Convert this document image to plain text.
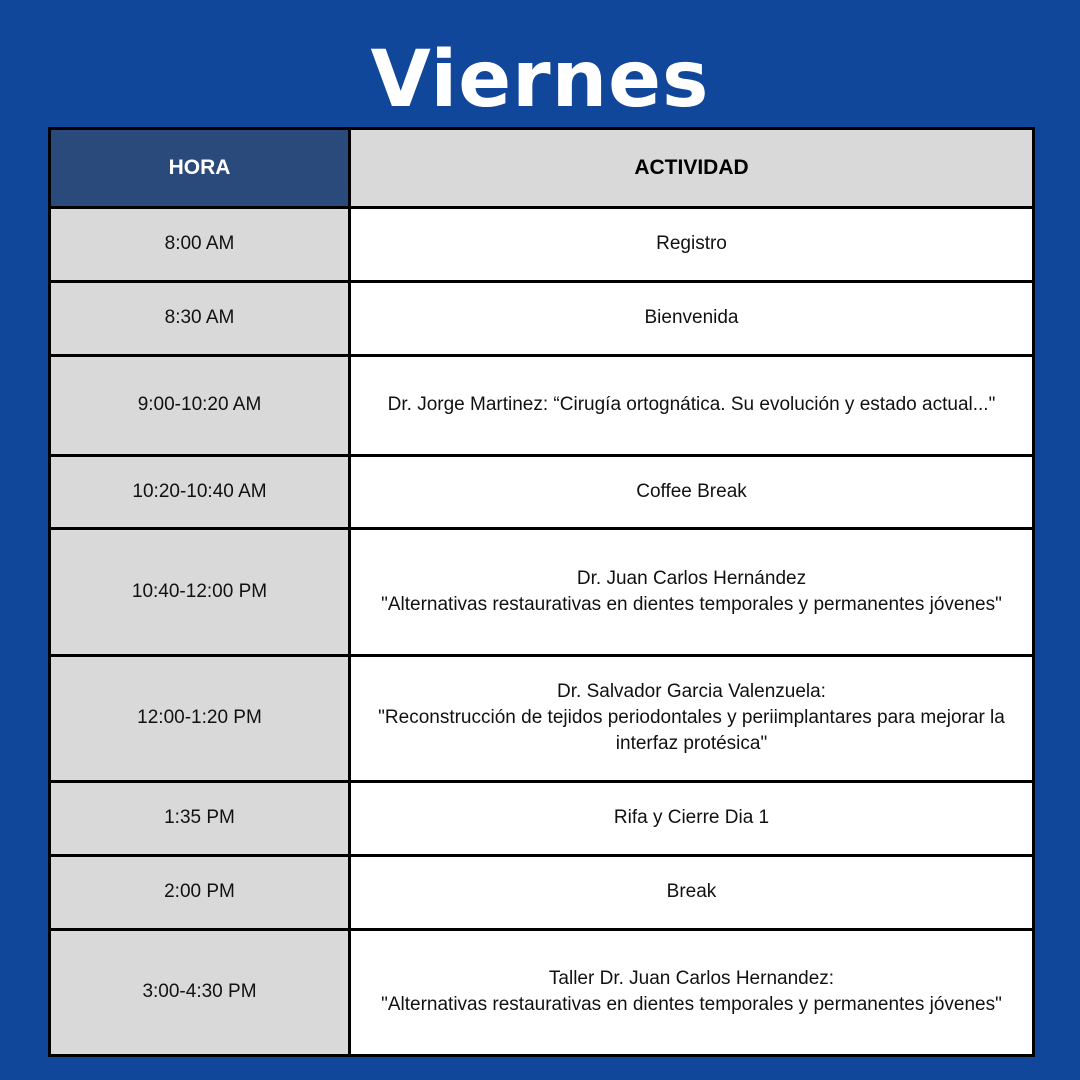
Viernes
HORA	ACTIVIDAD
8:00 AM	Registro

8:30 AM	Bienvenida

9:00-10:20 AM	Dr. Jorge Martinez: “Cirugía ortognática. Su evolución y estado actual..."

10:20-10:40 AM	Coffee Break

10:40-12:00 PM	Dr. Juan Carlos Hernández
"Alternativas restaurativas en dientes temporales y permanentes jóvenes"

12:00-1:20 PM	Dr. Salvador Garcia Valenzuela:
"Reconstrucción de tejidos periodontales y periimplantares para mejorar la interfaz protésica"

1:35 PM	Rifa y Cierre Dia 1

2:00 PM	Break

3:00-4:30 PM	Taller Dr. Juan Carlos Hernandez:
"Alternativas restaurativas en dientes temporales y permanentes jóvenes"
